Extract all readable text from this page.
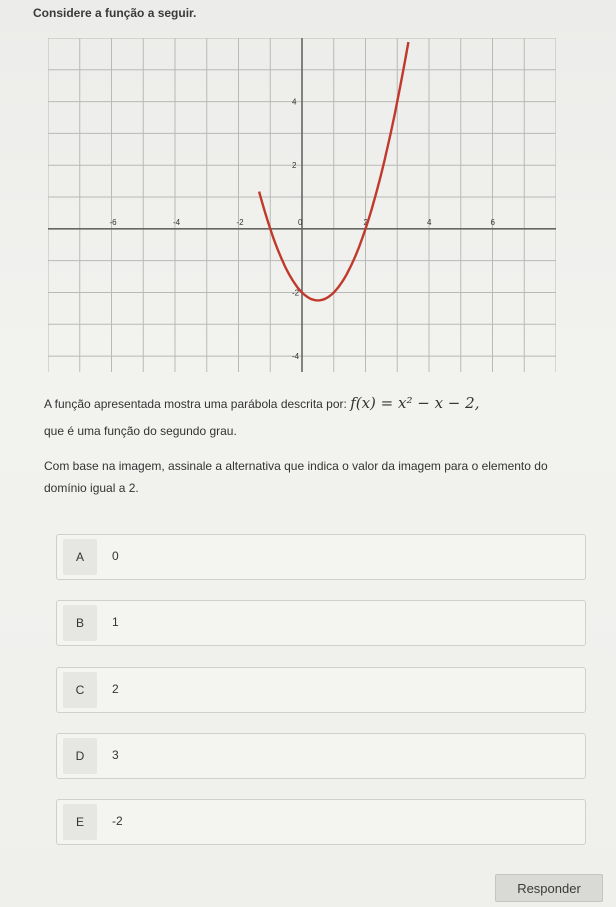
Considere a função a seguir.
-6	-4	-2	0	2	4	6
4
2
-2
-4
A função apresentada mostra uma parábola descrita por: f(x) = x² − x − 2,
que é uma função do segundo grau.
Com base na imagem, assinale a alternativa que indica o valor da imagem para o elemento do domínio igual a 2.
A	0
B	1
C	2
D	3
E	-2
Responder
